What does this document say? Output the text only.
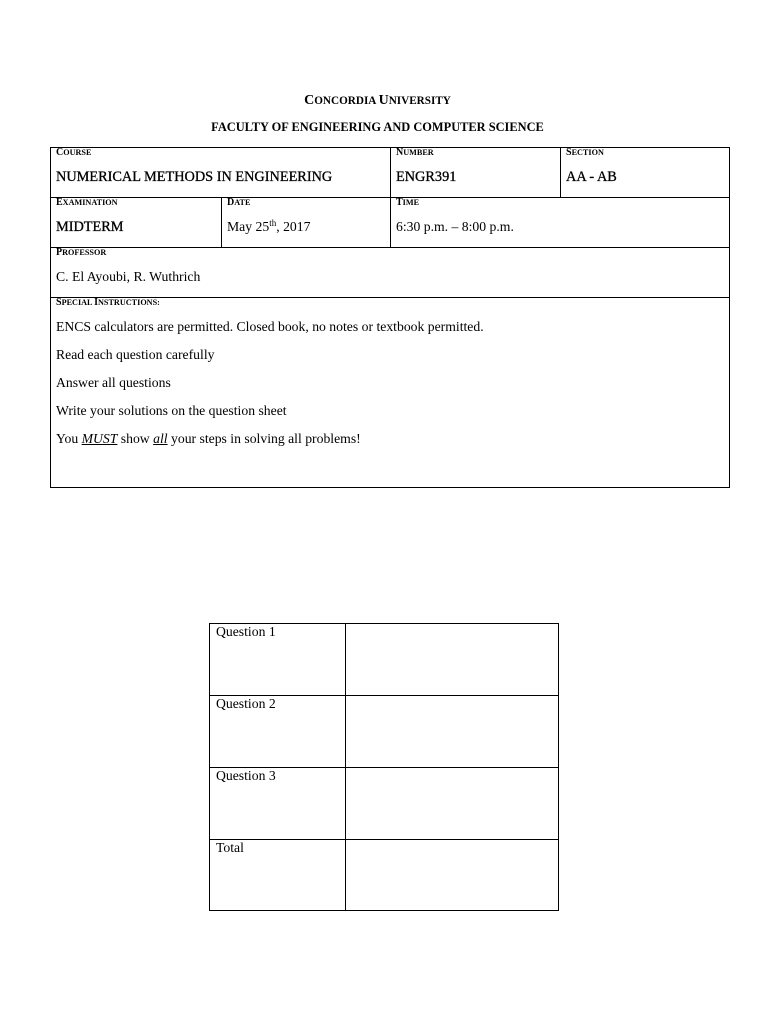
CONCORDIA UNIVERSITY
FACULTY OF ENGINEERING AND COMPUTER SCIENCE
COURSE
NUMERICAL METHODS IN ENGINEERING
NUMBER
ENGR391
SECTION
AA - AB
EXAMINATION
MIDTERM
DATE
May 25th, 2017
TIME
6:30 p.m. – 8:00 p.m.
PROFESSOR
C. El Ayoubi, R. Wuthrich
SPECIAL INSTRUCTIONS:
ENCS calculators are permitted. Closed book, no notes or textbook permitted.
Read each question carefully
Answer all questions
Write your solutions on the question sheet
You MUST show all your steps in solving all problems!
Question 1
Question 2
Question 3
Total
